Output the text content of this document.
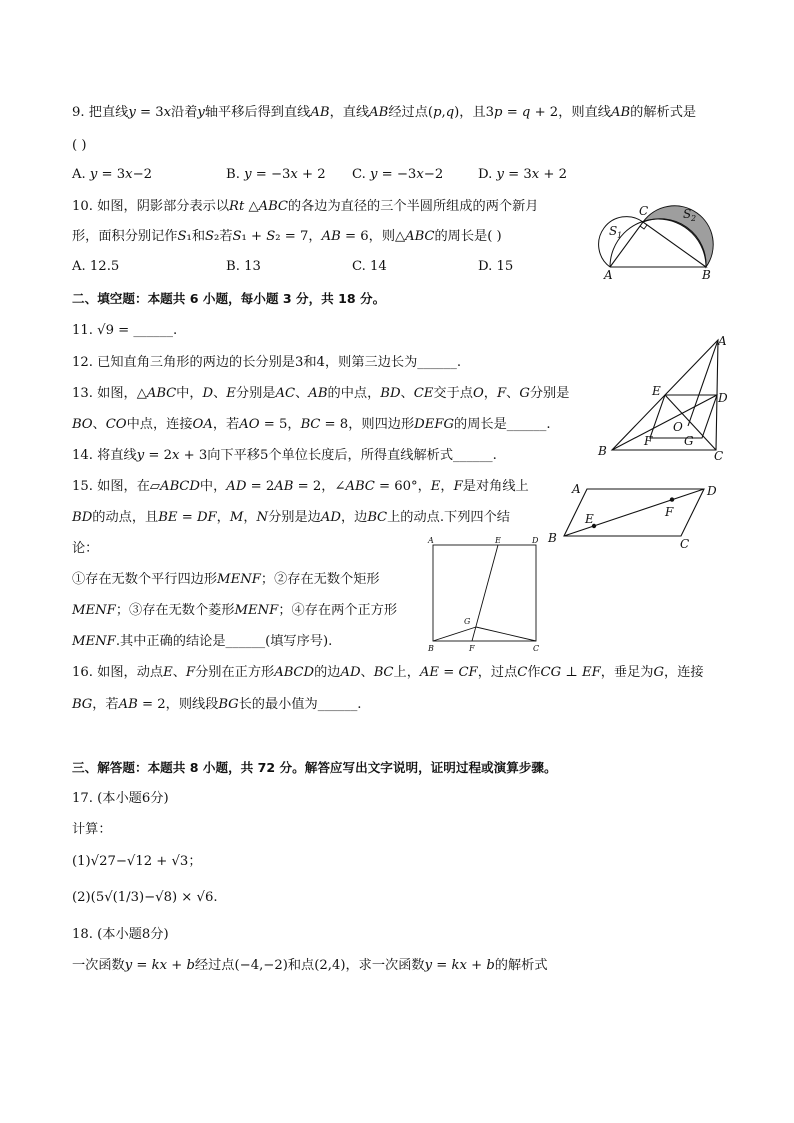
9. 把直线𝑦 = 3𝑥沿着𝑦轴平移后得到直线𝐴𝐵，直线𝐴𝐵经过点(𝑝,𝑞)，且3𝑝 = 𝑞 + 2，则直线𝐴𝐵的解析式是
( )
A. 𝑦 = 3𝑥−2	B. 𝑦 = −3𝑥 + 2 C. 𝑦 = −3𝑥−2	D. 𝑦 = 3𝑥 + 2
10. 如图，阴影部分表示以𝑅𝑡 △𝐴𝐵𝐶的各边为直径的三个半圆所组成的两个新月
形，面积分别记作𝑆₁和𝑆₂若𝑆₁ + 𝑆₂ = 7，𝐴𝐵 = 6，则△𝐴𝐵𝐶的周长是( )
A. 12.5	B. 13	C. 14	D. 15
A	B
C
S 1
S 2
二、填空题：本题共 6 小题，每小题 3 分，共 18 分。
11. √9 = ______.
12. 已知直角三角形的两边的长分别是3和4，则第三边长为______.
13. 如图，△𝐴𝐵𝐶中，𝐷、𝐸分别是𝐴𝐶、𝐴𝐵的中点，𝐵𝐷、𝐶𝐸交于点𝑂，𝐹、𝐺分别是
𝐵𝑂、𝐶𝑂中点，连接𝑂𝐴，若𝐴𝑂 = 5，𝐵𝐶 = 8，则四边形𝐷𝐸𝐹𝐺的周长是______.
A
B	C
D
E
F	G
O
14. 将直线𝑦 = 2𝑥 + 3向下平移5个单位长度后，所得直线解析式______.
15. 如图，在▱𝐴𝐵𝐶𝐷中，𝐴𝐷 = 2𝐴𝐵 = 2，∠𝐴𝐵𝐶 = 60°，𝐸，𝐹是对角线上
𝐵𝐷的动点，且𝐵𝐸 = 𝐷𝐹，𝑀，𝑁分别是边𝐴𝐷，边𝐵𝐶上的动点.下列四个结
论：
①存在无数个平行四边形𝑀𝐸𝑁𝐹；②存在无数个矩形
𝑀𝐸𝑁𝐹；③存在无数个菱形𝑀𝐸𝑁𝐹；④存在两个正方形
𝑀𝐸𝑁𝐹.其中正确的结论是______(填写序号).
A
B	C
D
E	F
A
B	C
D
E
F
G
16. 如图，动点𝐸、𝐹分别在正方形𝐴𝐵𝐶𝐷的边𝐴𝐷、𝐵𝐶上，𝐴𝐸 = 𝐶𝐹，过点𝐶作𝐶𝐺 ⊥ 𝐸𝐹，垂足为𝐺，连接
𝐵𝐺，若𝐴𝐵 = 2，则线段𝐵𝐺长的最小值为______.
三、解答题：本题共 8 小题，共 72 分。解答应写出文字说明，证明过程或演算步骤。
17. (本小题6分)
计算：
(1)√27−√12 + √3；
(2)(5√(1/3)−√8) × √6.
18. (本小题8分)
一次函数𝑦 = 𝑘𝑥 + 𝑏经过点(−4,−2)和点(2,4)，求一次函数𝑦 = 𝑘𝑥 + 𝑏的解析式
